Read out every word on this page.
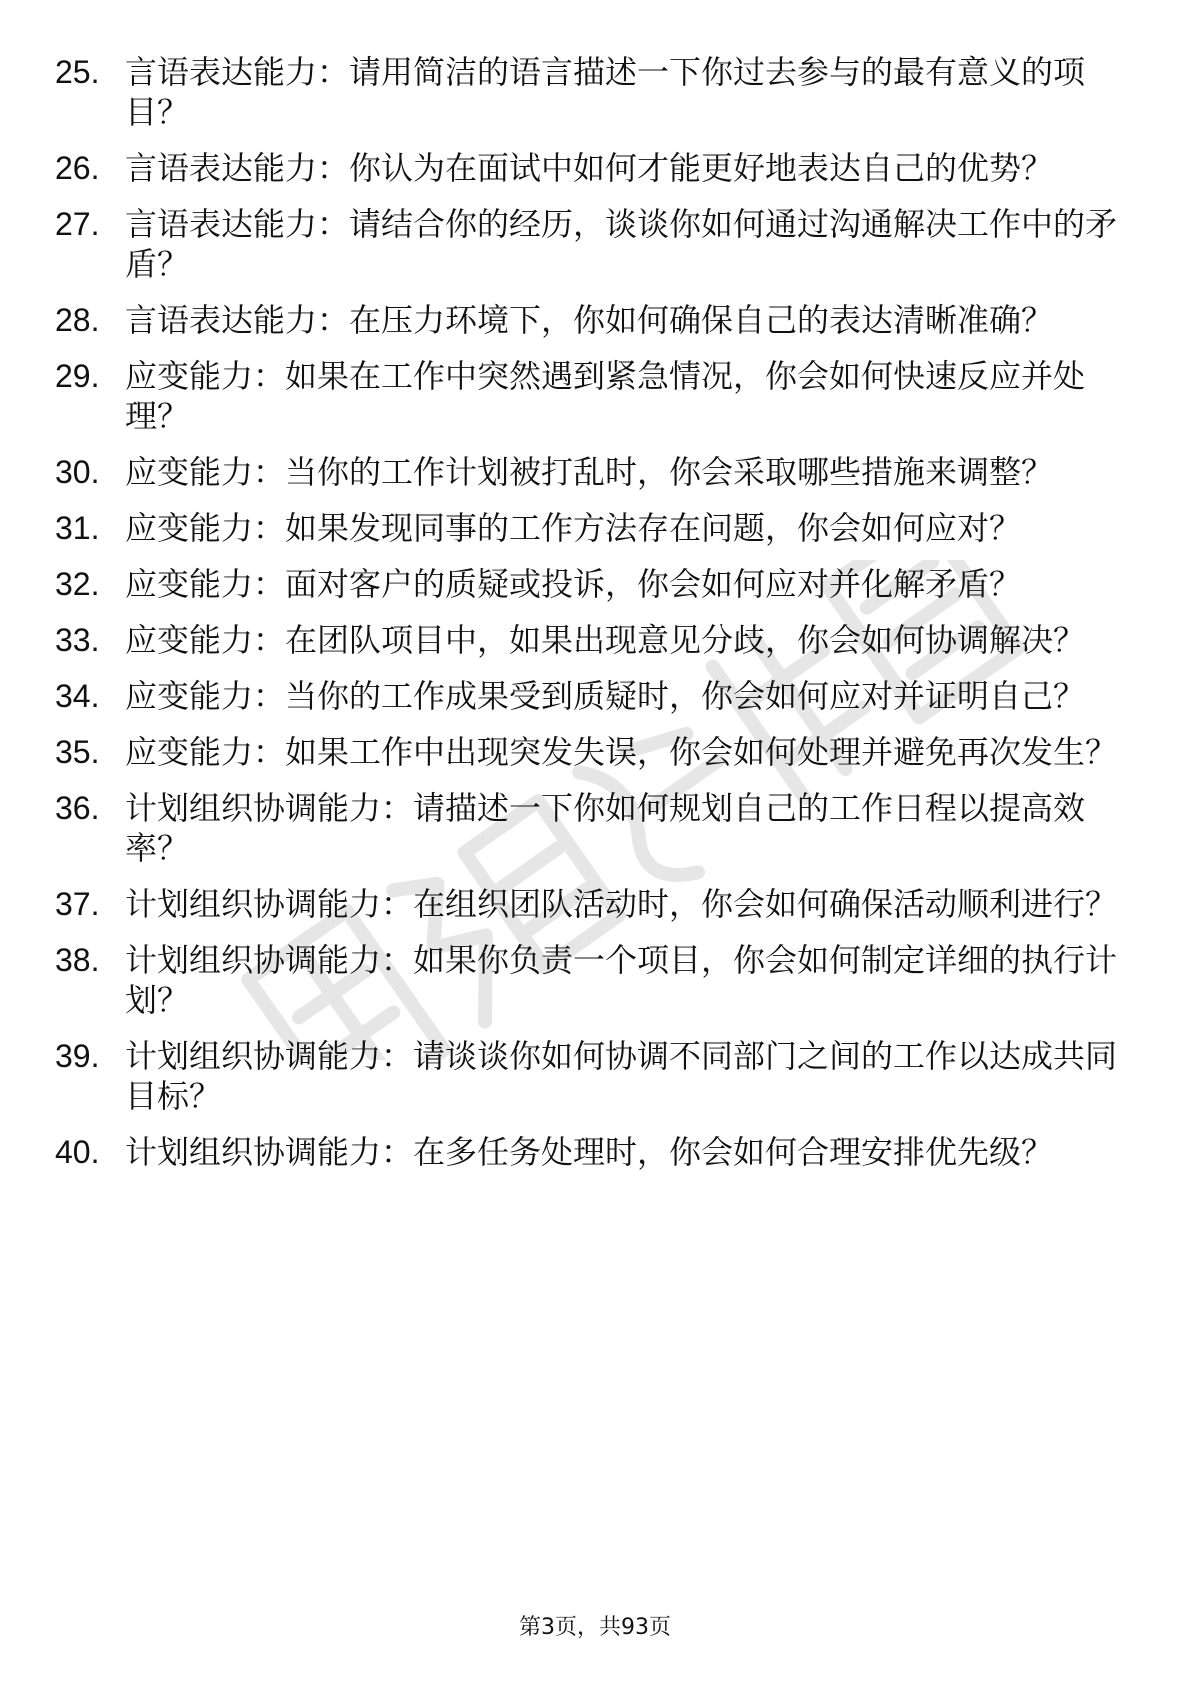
25. 言语表达能力：请用简洁的语言描述一下你过去参与的最有意义的项目？
26. 言语表达能力：你认为在面试中如何才能更好地表达自己的优势？
27. 言语表达能力：请结合你的经历，谈谈你如何通过沟通解决工作中的矛盾？
28. 言语表达能力：在压力环境下，你如何确保自己的表达清晰准确？
29. 应变能力：如果在工作中突然遇到紧急情况，你会如何快速反应并处理？
30. 应变能力：当你的工作计划被打乱时，你会采取哪些措施来调整？
31. 应变能力：如果发现同事的工作方法存在问题，你会如何应对？
32. 应变能力：面对客户的质疑或投诉，你会如何应对并化解矛盾？
33. 应变能力：在团队项目中，如果出现意见分歧，你会如何协调解决？
34. 应变能力：当你的工作成果受到质疑时，你会如何应对并证明自己？
35. 应变能力：如果工作中出现突发失误，你会如何处理并避免再次发生？
36. 计划组织协调能力：请描述一下你如何规划自己的工作日程以提高效率？
37. 计划组织协调能力：在组织团队活动时，你会如何确保活动顺利进行？
38. 计划组织协调能力：如果你负责一个项目，你会如何制定详细的执行计划？
39. 计划组织协调能力：请谈谈你如何协调不同部门之间的工作以达成共同目标？
40. 计划组织协调能力：在多任务处理时，你会如何合理安排优先级？
第3页，共93页
